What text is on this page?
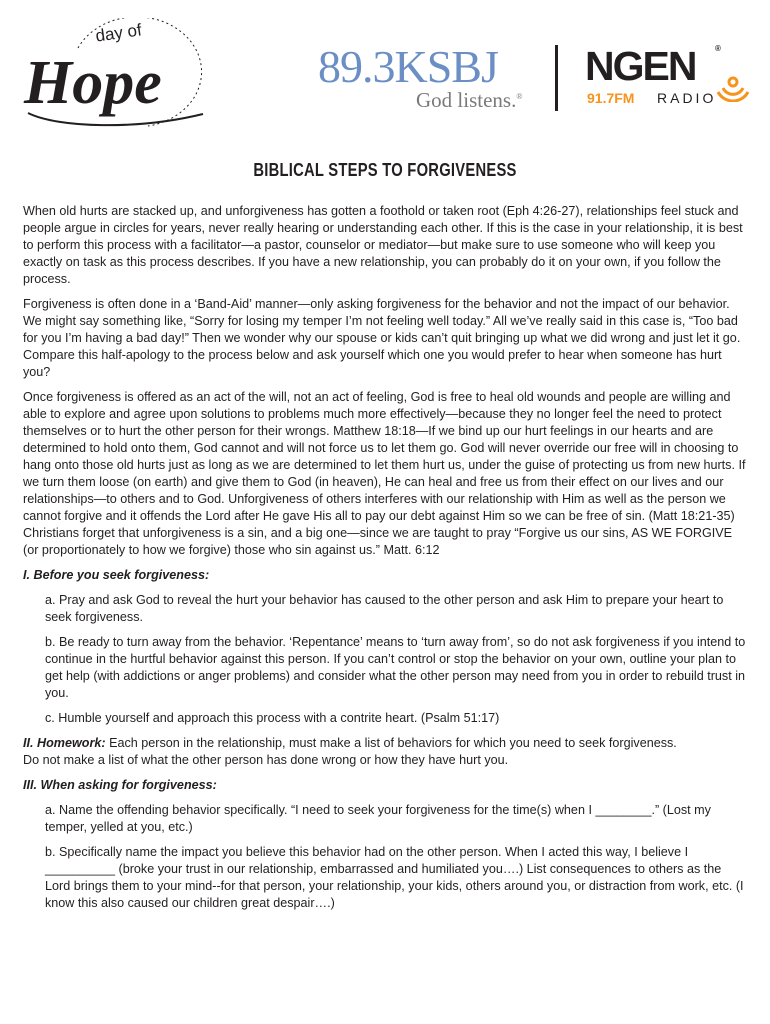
day of
Hope	89.3KSBJ
God listens.®
NGEN ®
91.7FM RADIO
BIBLICAL STEPS TO FORGIVENESS

When old hurts are stacked up, and unforgiveness has gotten a foothold or taken root (Eph 4:26-27), relationships feel stuck and people argue in circles for years, never really hearing or understanding each other. If this is the case in your relationship, it is best to perform this process with a facilitator—a pastor, counselor or mediator—but make sure to use someone who will keep you exactly on task as this process describes. If you have a new relationship, you can probably do it on your own, if you follow the process.

Forgiveness is often done in a ‘Band-Aid’ manner—only asking forgiveness for the behavior and not the impact of our behavior. We might say something like, “Sorry for losing my temper I’m not feeling well today.” All we’ve really said in this case is, “Too bad for you I’m having a bad day!” Then we wonder why our spouse or kids can’t quit bringing up what we did wrong and just let it go. Compare this half-apology to the process below and ask yourself which one you would prefer to hear when someone has hurt you?

Once forgiveness is offered as an act of the will, not an act of feeling, God is free to heal old wounds and people are willing and able to explore and agree upon solutions to problems much more effectively—because they no longer feel the need to protect themselves or to hurt the other person for their wrongs. Matthew 18:18—If we bind up our hurt feelings in our hearts and are determined to hold onto them, God cannot and will not force us to let them go. God will never override our free will in choosing to hang onto those old hurts just as long as we are determined to let them hurt us, under the guise of protecting us from new hurts. If we turn them loose (on earth) and give them to God (in heaven), He can heal and free us from their effect on our lives and our relationships—to others and to God. Unforgiveness of others interferes with our relationship with Him as well as the person we cannot forgive and it offends the Lord after He gave His all to pay our debt against Him so we can be free of sin. (Matt 18:21-35) Christians forget that unforgiveness is a sin, and a big one—since we are taught to pray “Forgive us our sins, AS WE FORGIVE (or proportionately to how we forgive) those who sin against us.” Matt. 6:12

I. Before you seek forgiveness:
a. Pray and ask God to reveal the hurt your behavior has caused to the other person and ask Him to prepare your heart to seek forgiveness.
b. Be ready to turn away from the behavior. ‘Repentance’ means to ‘turn away from’, so do not ask forgiveness if you intend to continue in the hurtful behavior against this person. If you can’t control or stop the behavior on your own, outline your plan to get help (with addictions or anger problems) and consider what the other person may need from you in order to rebuild trust in you.
c. Humble yourself and approach this process with a contrite heart. (Psalm 51:17)

II. Homework: Each person in the relationship, must make a list of behaviors for which you need to seek forgiveness.
Do not make a list of what the other person has done wrong or how they have hurt you.

III. When asking for forgiveness:
a. Name the offending behavior specifically. “I need to seek your forgiveness for the time(s) when I ________.” (Lost my temper, yelled at you, etc.)
b. Specifically name the impact you believe this behavior had on the other person. When I acted this way, I believe I __________ (broke your trust in our relationship, embarrassed and humiliated you….) List consequences to others as the Lord brings them to your mind--for that person, your relationship, your kids, others around you, or distraction from work, etc. (I know this also caused our children great despair….)
